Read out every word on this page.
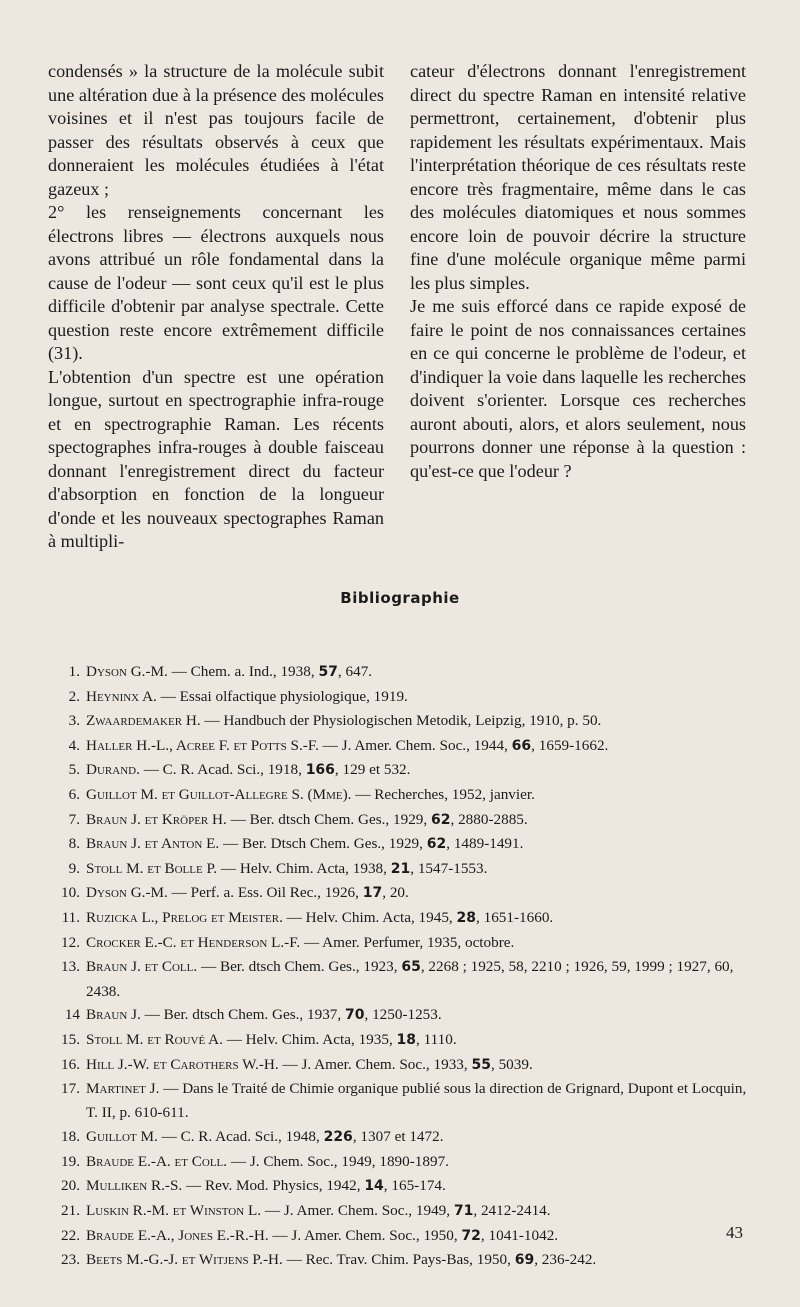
condensés » la structure de la molécule subit une altération due à la présence des molécules voisines et il n'est pas toujours facile de passer des résultats observés à ceux que donneraient les molécules étudiées à l'état gazeux ;

2° les renseignements concernant les électrons libres — électrons auxquels nous avons attribué un rôle fondamental dans la cause de l'odeur — sont ceux qu'il est le plus difficile d'obtenir par analyse spectrale. Cette question reste encore extrêmement difficile (31).

L'obtention d'un spectre est une opération longue, surtout en spectrographie infra-rouge et en spectrographie Raman. Les récents spectographes infra-rouges à double faisceau donnant l'enregistrement direct du facteur d'absorption en fonction de la longueur d'onde et les nouveaux spectographes Raman à multipli-

cateur d'électrons donnant l'enregistrement direct du spectre Raman en intensité relative permettront, certainement, d'obtenir plus rapidement les résultats expérimentaux. Mais l'interprétation théorique de ces résultats reste encore très fragmentaire, même dans le cas des molécules diatomiques et nous sommes encore loin de pouvoir décrire la structure fine d'une molécule organique même parmi les plus simples.

Je me suis efforcé dans ce rapide exposé de faire le point de nos connaissances certaines en ce qui concerne le problème de l'odeur, et d'indiquer la voie dans laquelle les recherches doivent s'orienter. Lorsque ces recherches auront abouti, alors, et alors seulement, nous pourrons donner une réponse à la question : qu'est-ce que l'odeur ?

Bibliographie
1. Dyson G.-M. — Chem. a. Ind., 1938, 57, 647.
2. Heyninx A. — Essai olfactique physiologique, 1919.
3. Zwaardemaker H. — Handbuch der Physiologischen Metodik, Leipzig, 1910, p. 50.
4. Haller H.-L., Acree F. et Potts S.-F. — J. Amer. Chem. Soc., 1944, 66, 1659-1662.
5. Durand. — C. R. Acad. Sci., 1918, 166, 129 et 532.
6. Guillot M. et Guillot-Allegre S. (Mme). — Recherches, 1952, janvier.
7. Braun J. et Kröper H. — Ber. dtsch Chem. Ges., 1929, 62, 2880-2885.
8. Braun J. et Anton E. — Ber. Dtsch Chem. Ges., 1929, 62, 1489-1491.
9. Stoll M. et Bolle P. — Helv. Chim. Acta, 1938, 21, 1547-1553.
10. Dyson G.-M. — Perf. a. Ess. Oil Rec., 1926, 17, 20.
11. Ruzicka L., Prelog et Meister. — Helv. Chim. Acta, 1945, 28, 1651-1660.
12. Crocker E.-C. et Henderson L.-F. — Amer. Perfumer, 1935, octobre.
13. Braun J. et Coll. — Ber. dtsch Chem. Ges., 1923, 65, 2268 ; 1925, 58, 2210 ; 1926, 59, 1999 ; 1927, 60, 2438.
14 Braun J. — Ber. dtsch Chem. Ges., 1937, 70, 1250-1253.
15. Stoll M. et Rouvé A. — Helv. Chim. Acta, 1935, 18, 1110.
16. Hill J.-W. et Carothers W.-H. — J. Amer. Chem. Soc., 1933, 55, 5039.
17. Martinet J. — Dans le Traité de Chimie organique publié sous la direction de Grignard, Dupont et Locquin, T. II, p. 610-611.
18. Guillot M. — C. R. Acad. Sci., 1948, 226, 1307 et 1472.
19. Braude E.-A. et Coll. — J. Chem. Soc., 1949, 1890-1897.
20. Mulliken R.-S. — Rev. Mod. Physics, 1942, 14, 165-174.
21. Luskin R.-M. et Winston L. — J. Amer. Chem. Soc., 1949, 71, 2412-2414.
22. Braude E.-A., Jones E.-R.-H. — J. Amer. Chem. Soc., 1950, 72, 1041-1042.
23. Beets M.-G.-J. et Witjens P.-H. — Rec. Trav. Chim. Pays-Bas, 1950, 69, 236-242.
43
